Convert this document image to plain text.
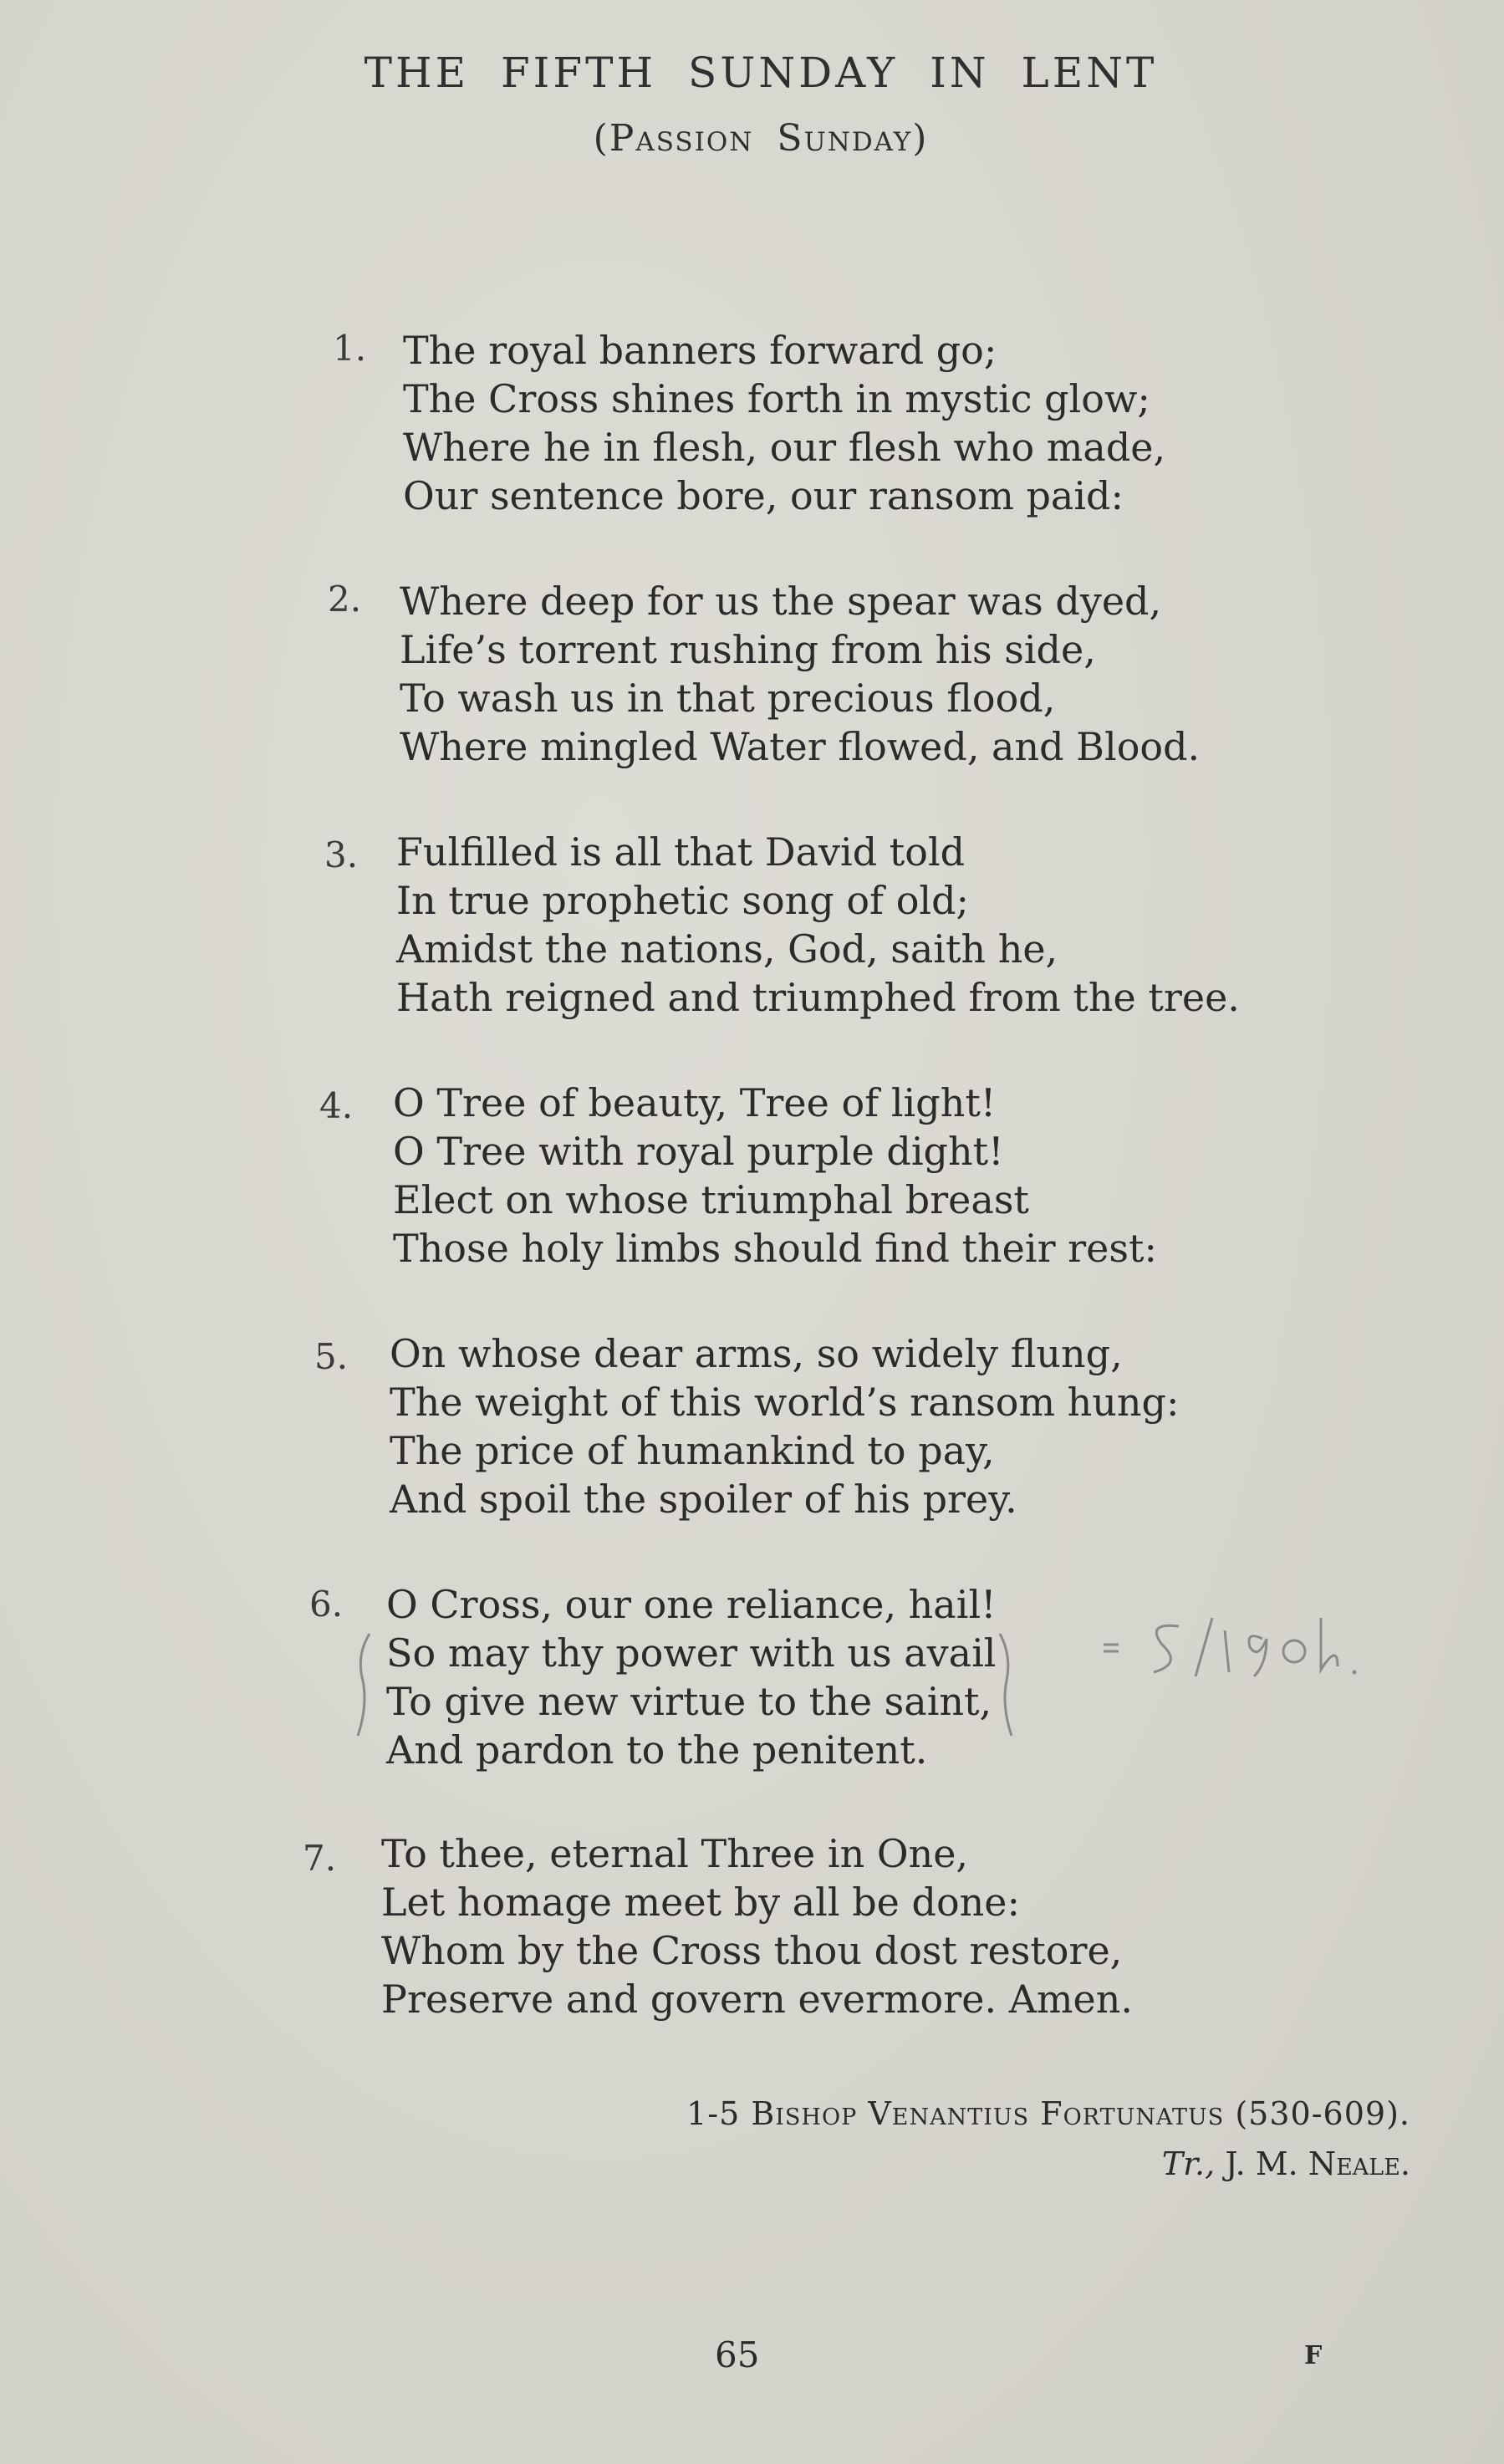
THE FIFTH SUNDAY IN LENT
(Passion Sunday)
1. The royal banners forward go;
The Cross shines forth in mystic glow;
Where he in flesh, our flesh who made,
Our sentence bore, our ransom paid:
2. Where deep for us the spear was dyed,
Life’s torrent rushing from his side,
To wash us in that precious flood,
Where mingled Water flowed, and Blood.
3. Fulfilled is all that David told
In true prophetic song of old;
Amidst the nations, God, saith he,
Hath reigned and triumphed from the tree.
4. O Tree of beauty, Tree of light!
O Tree with royal purple dight!
Elect on whose triumphal breast
Those holy limbs should find their rest:
5. On whose dear arms, so widely flung,
The weight of this world’s ransom hung:
The price of humankind to pay,
And spoil the spoiler of his prey.
6. O Cross, our one reliance, hail!
So may thy power with us avail
To give new virtue to the saint,
And pardon to the penitent.
7. To thee, eternal Three in One,
Let homage meet by all be done:
Whom by the Cross thou dost restore,
Preserve and govern evermore. Amen.
1-5 Bishop Venantius Fortunatus (530-609).
Tr., J. M. Neale.
65	F
